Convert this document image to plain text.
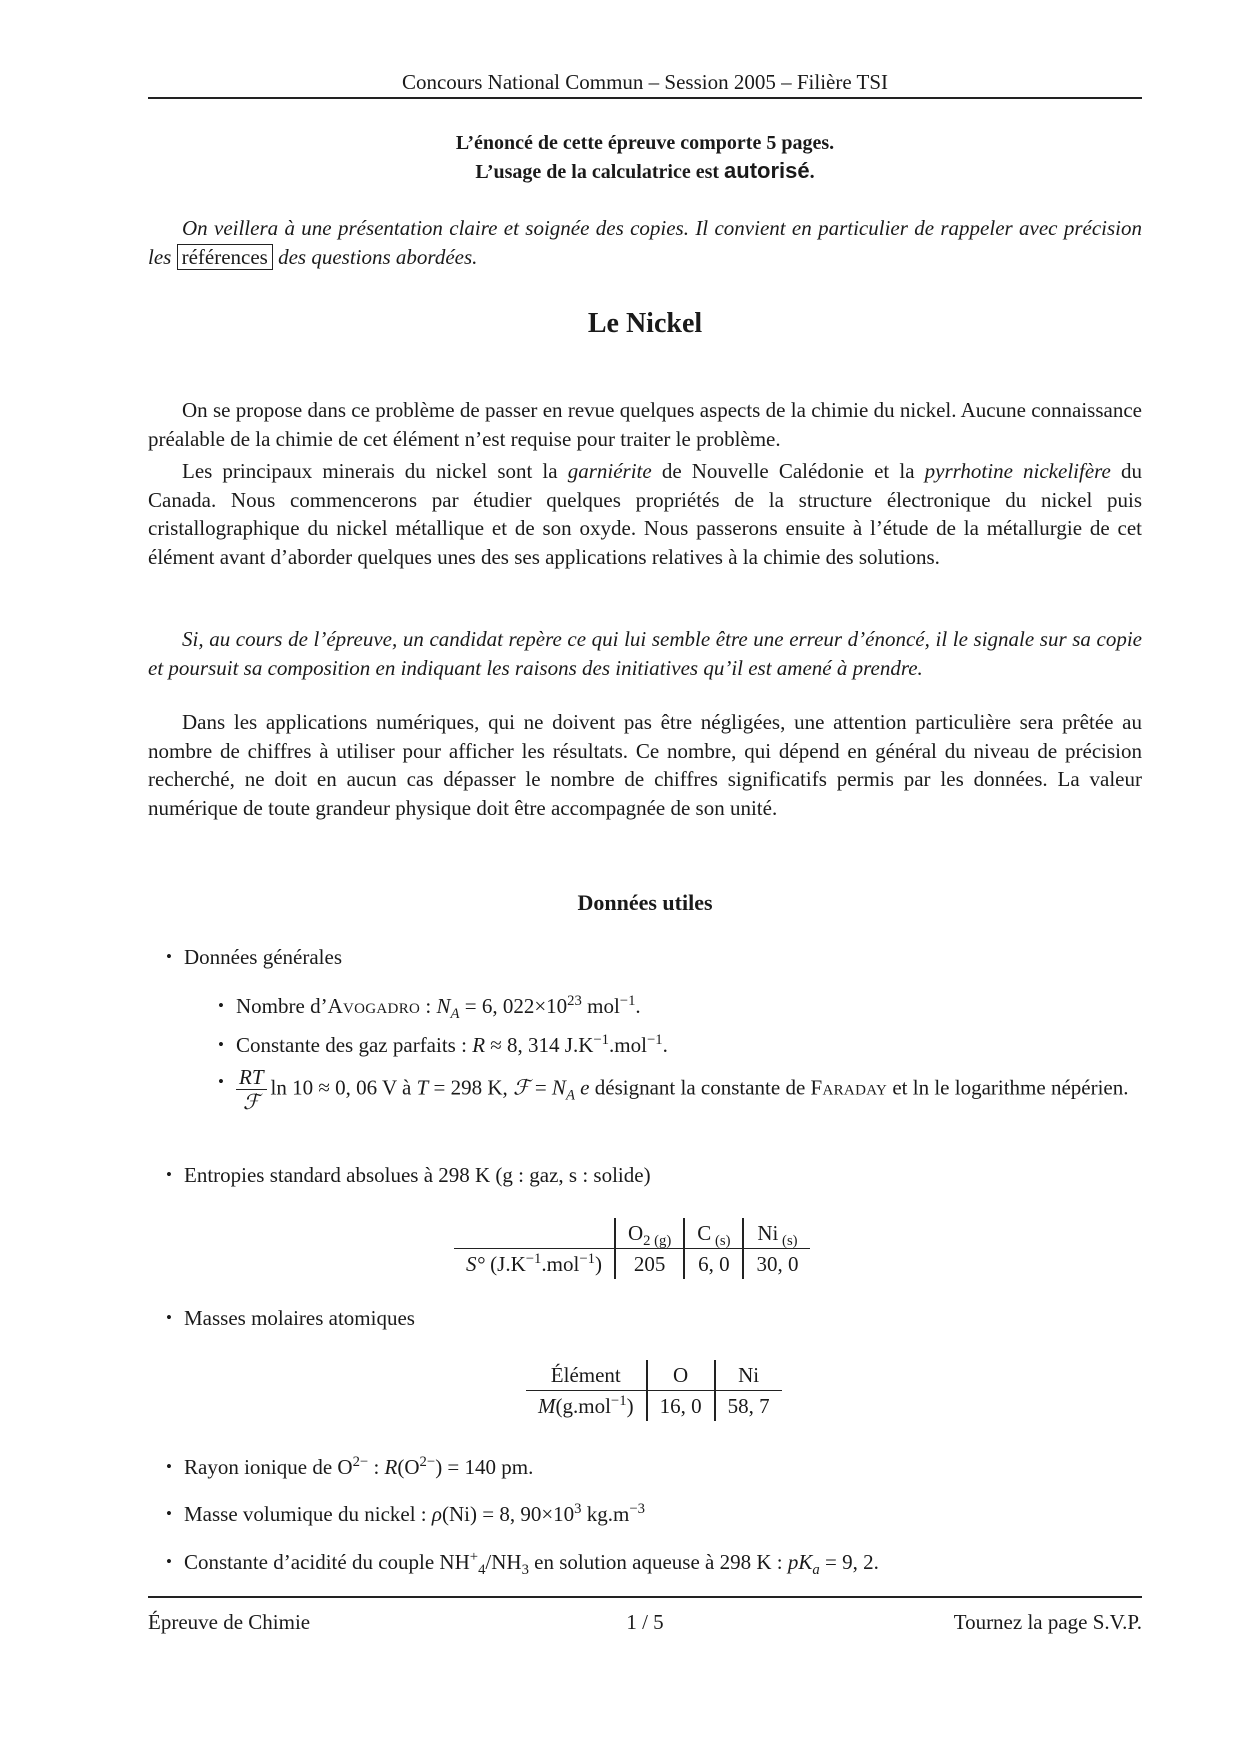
Concours National Commun – Session 2005 – Filière TSI
L’énoncé de cette épreuve comporte 5 pages.
L’usage de la calculatrice est autorisé.
On veillera à une présentation claire et soignée des copies. Il convient en particulier de rappeler avec précision les références des questions abordées.
Le Nickel
On se propose dans ce problème de passer en revue quelques aspects de la chimie du nickel. Aucune connaissance préalable de la chimie de cet élément n’est requise pour traiter le problème.
Les principaux minerais du nickel sont la garniérite de Nouvelle Calédonie et la pyrrhotine nickelifère du Canada. Nous commencerons par étudier quelques propriétés de la structure électronique du nickel puis cristallographique du nickel métallique et de son oxyde. Nous passerons ensuite à l’étude de la métallurgie de cet élément avant d’aborder quelques unes des ses applications relatives à la chimie des solutions.
Si, au cours de l’épreuve, un candidat repère ce qui lui semble être une erreur d’énoncé, il le signale sur sa copie et poursuit sa composition en indiquant les raisons des initiatives qu’il est amené à prendre.
Dans les applications numériques, qui ne doivent pas être négligées, une attention particulière sera prêtée au nombre de chiffres à utiliser pour afficher les résultats. Ce nombre, qui dépend en général du niveau de précision recherché, ne doit en aucun cas dépasser le nombre de chiffres significatifs permis par les données. La valeur numérique de toute grandeur physique doit être accompagnée de son unité.
Données utiles
• Données générales
• Nombre d’Avogadro : $N_A = 6$, $022\times 10^{23}$ mol$^{-1}$.
• Constante des gaz parfaits : R ≈ 8, 314 $J.K^{-1}.mol^{-1}$.
• $\frac{RT}{\text{ℱ}}$ ln 10 ≈ 0, 06 V à T = 298 K, ℱ = $N_A$ e désignant la constante de Faraday et ln le logarithme népérien.
• Entropies standard absolues à 298 K (g : gaz, s : solide)
	$O_{2 (g)}$	C $_{(s)}$	Ni $_{(s)}$
S° $(J.K^{-1}.mol^{-1})$	205	6, 0	30, 0
• Masses molaires atomiques
Élément	O	Ni
M(g.mol$^{-1}$)	16, 0	58, 7
• Rayon ionique de $O^{2-}$ : $R(O^{2-}) = 140$ pm.
• Masse volumique du nickel : ρ(Ni) = 8, $90\times 10^3$ $kg.m^{-3}$
• Constante d’acidité du couple $NH^+_4/NH_3$ en solution aqueuse à 298 K : $pK_a = 9$, 2.
Épreuve de Chimie	1 / 5	Tournez la page S.V.P.
